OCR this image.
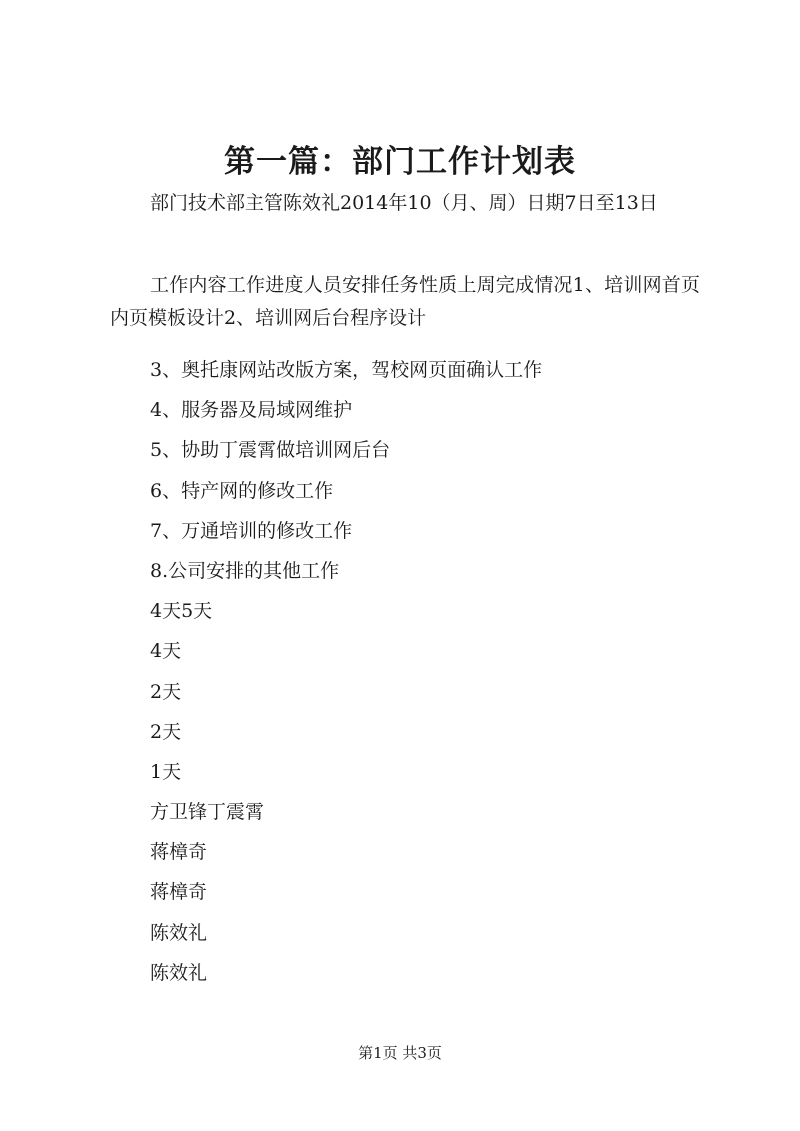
第一篇：部门工作计划表

部门技术部主管陈效礼2014年10（月、周）日期7日至13日

工作内容工作进度人员安排任务性质上周完成情况1、培训网首页内页模板设计2、培训网后台程序设计

3、奥托康网站改版方案，驾校网页面确认工作
4、服务器及局域网维护
5、协助丁震霄做培训网后台
6、特产网的修改工作
7、万通培训的修改工作
8.公司安排的其他工作
4天5天
4天
2天
2天
1天
方卫锋丁震霄
蒋樟奇
蒋樟奇
陈效礼
陈效礼
第1页 共3页
